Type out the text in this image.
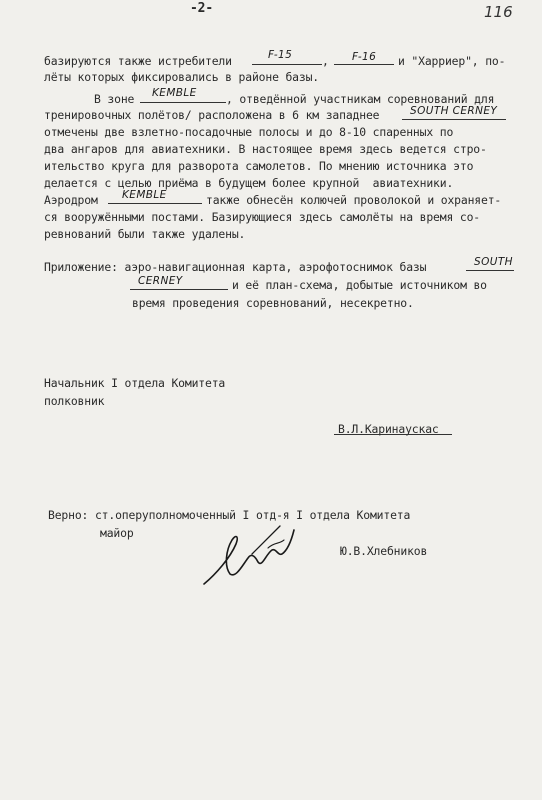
-2-	116
базируются также истребители	F-15	, F-16 и "Харриер", по-
лёты которых фиксировались в районе базы.
В зоне KEMBLE	, отведённой участникам соревнований для
тренировочных полётов/ расположена в 6 км западнее	SOUTH CERNEY
отмечены две взлетно-посадочные полосы и до 8-10 спаренных по
два ангаров для авиатехники. В настоящее время здесь ведется стро-
ительство круга для разворота самолетов. По мнению источника это
делается с целью приёма в будущем более крупной  авиатехники.
Аэродром KEMBLE	также обнесён колючей проволокой и охраняет-
ся вооружёнными постами. Базирующиеся здесь самолёты на время со-
ревнований были также удалены.
Приложение: аэро-навигационная карта, аэрофотоснимок базы	SOUTH
CERNEY	и её план-схема, добытые источником во
время проведения соревнований, несекретно.
Начальник I отдела Комитета
полковник
В.Л.Каринаускас
Верно: ст.оперуполномоченный I отд-я I отдела Комитета
майор
Ю.В.Хлебников
